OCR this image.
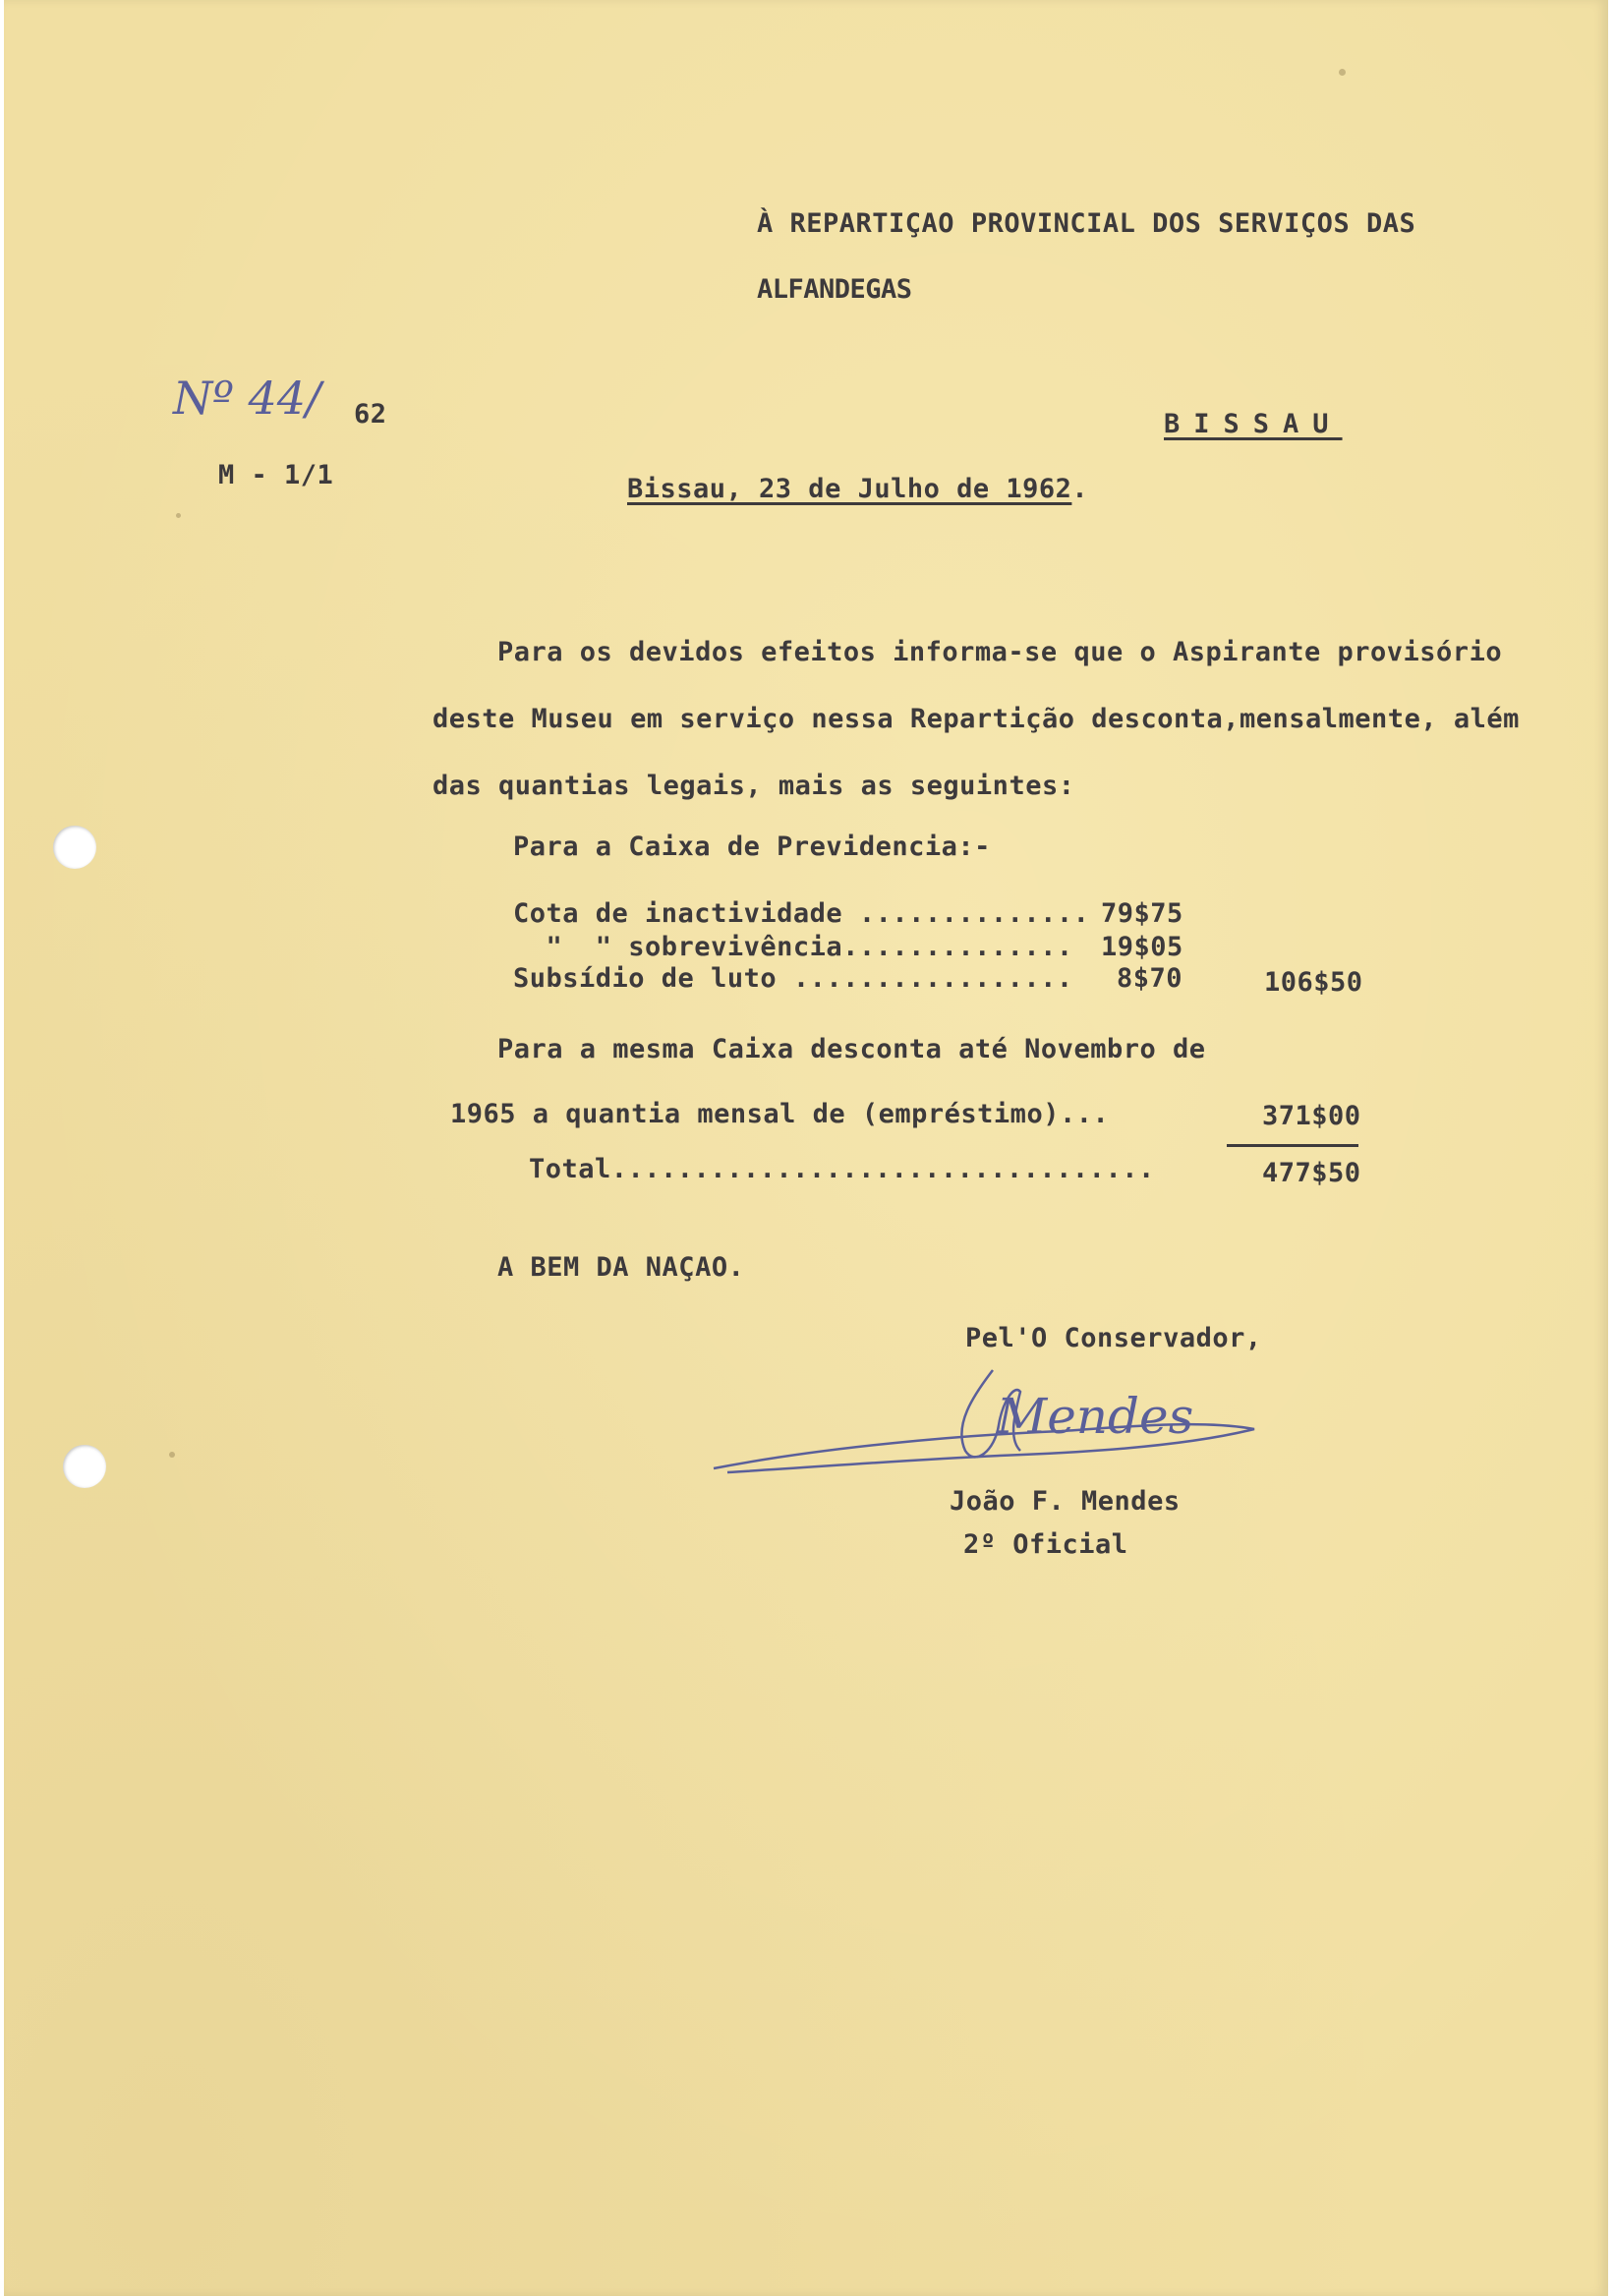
À REPARTIÇAO PROVINCIAL DOS SERVIÇOS DAS
ALFANDEGAS
Nº 44/ 62
M - 1/1
BISSAU
Bissau, 23 de Julho de 1962.
Para os devidos efeitos informa-se que o Aspirante provisório
deste Museu em serviço nessa Repartição desconta,mensalmente, além
das quantias legais, mais as seguintes:
Para a Caixa de Previdencia:-
Cota de inactividade .............. 79$75
"  " sobrevivência.............. 19$05
Subsídio de luto ................. 8$70	106$50
Para a mesma Caixa desconta até Novembro de
1965 a quantia mensal de (empréstimo)...	371$00
Total.................................	477$50
A BEM DA NAÇAO.
Pel'O Conservador,
Mendes
João F. Mendes
2º Oficial
